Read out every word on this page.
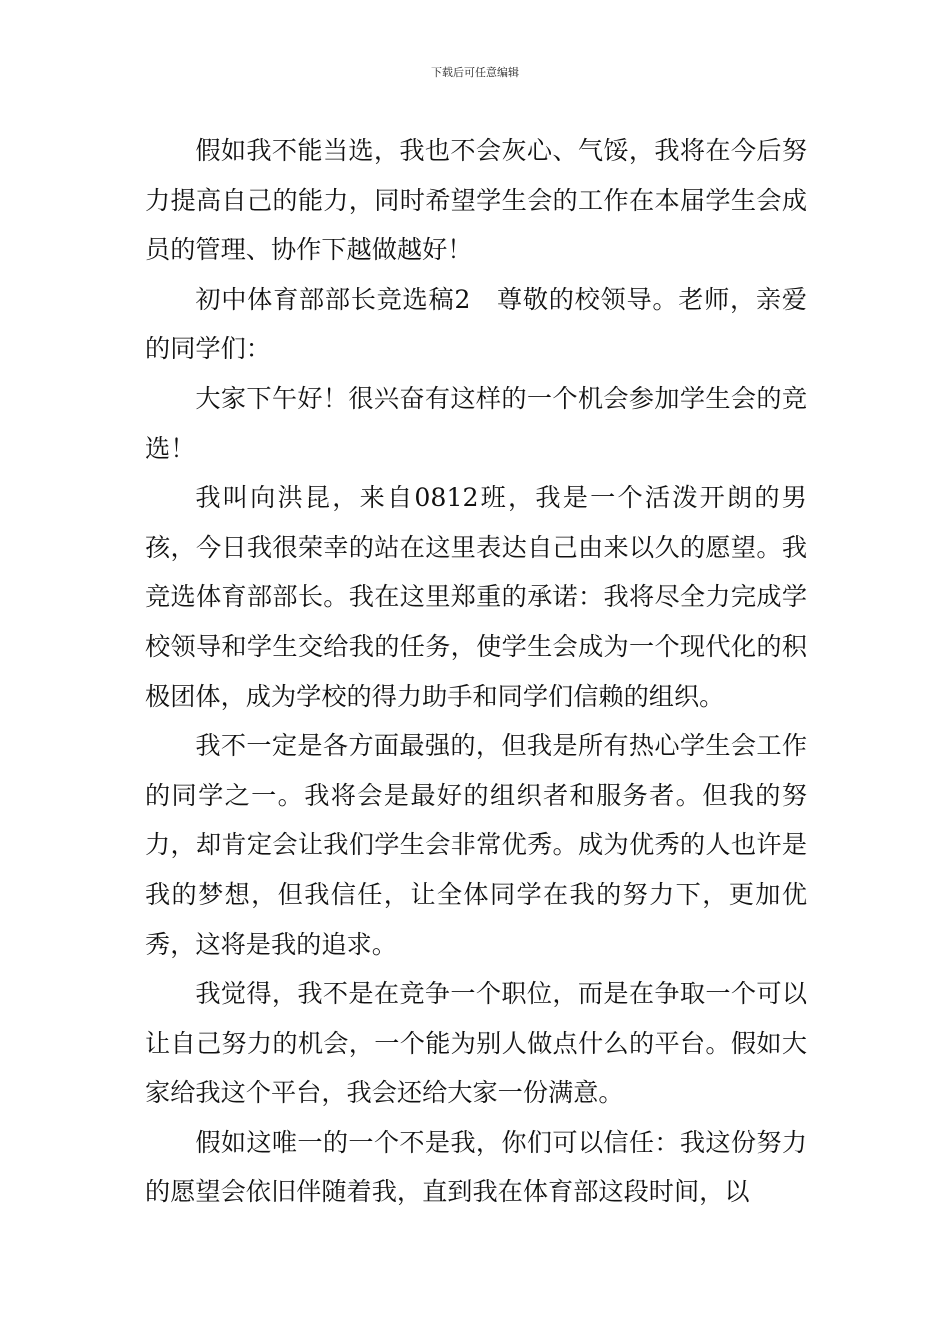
下载后可任意编辑

假如我不能当选，我也不会灰心、气馁，我将在今后努力提高自己的能力，同时希望学生会的工作在本届学生会成员的管理、协作下越做越好！

初中体育部部长竞选稿2　尊敬的校领导。老师，亲爱的同学们：

大家下午好！很兴奋有这样的一个机会参加学生会的竞选！

我叫向洪昆，来自0812班，我是一个活泼开朗的男孩，今日我很荣幸的站在这里表达自己由来以久的愿望。我竞选体育部部长。我在这里郑重的承诺：我将尽全力完成学校领导和学生交给我的任务，使学生会成为一个现代化的积极团体，成为学校的得力助手和同学们信赖的组织。

我不一定是各方面最强的，但我是所有热心学生会工作的同学之一。我将会是最好的组织者和服务者。但我的努力，却肯定会让我们学生会非常优秀。成为优秀的人也许是我的梦想，但我信任，让全体同学在我的努力下，更加优秀，这将是我的追求。

我觉得，我不是在竞争一个职位，而是在争取一个可以让自己努力的机会，一个能为别人做点什么的平台。假如大家给我这个平台，我会还给大家一份满意。

假如这唯一的一个不是我，你们可以信任：我这份努力的愿望会依旧伴随着我，直到我在体育部这段时间，以
